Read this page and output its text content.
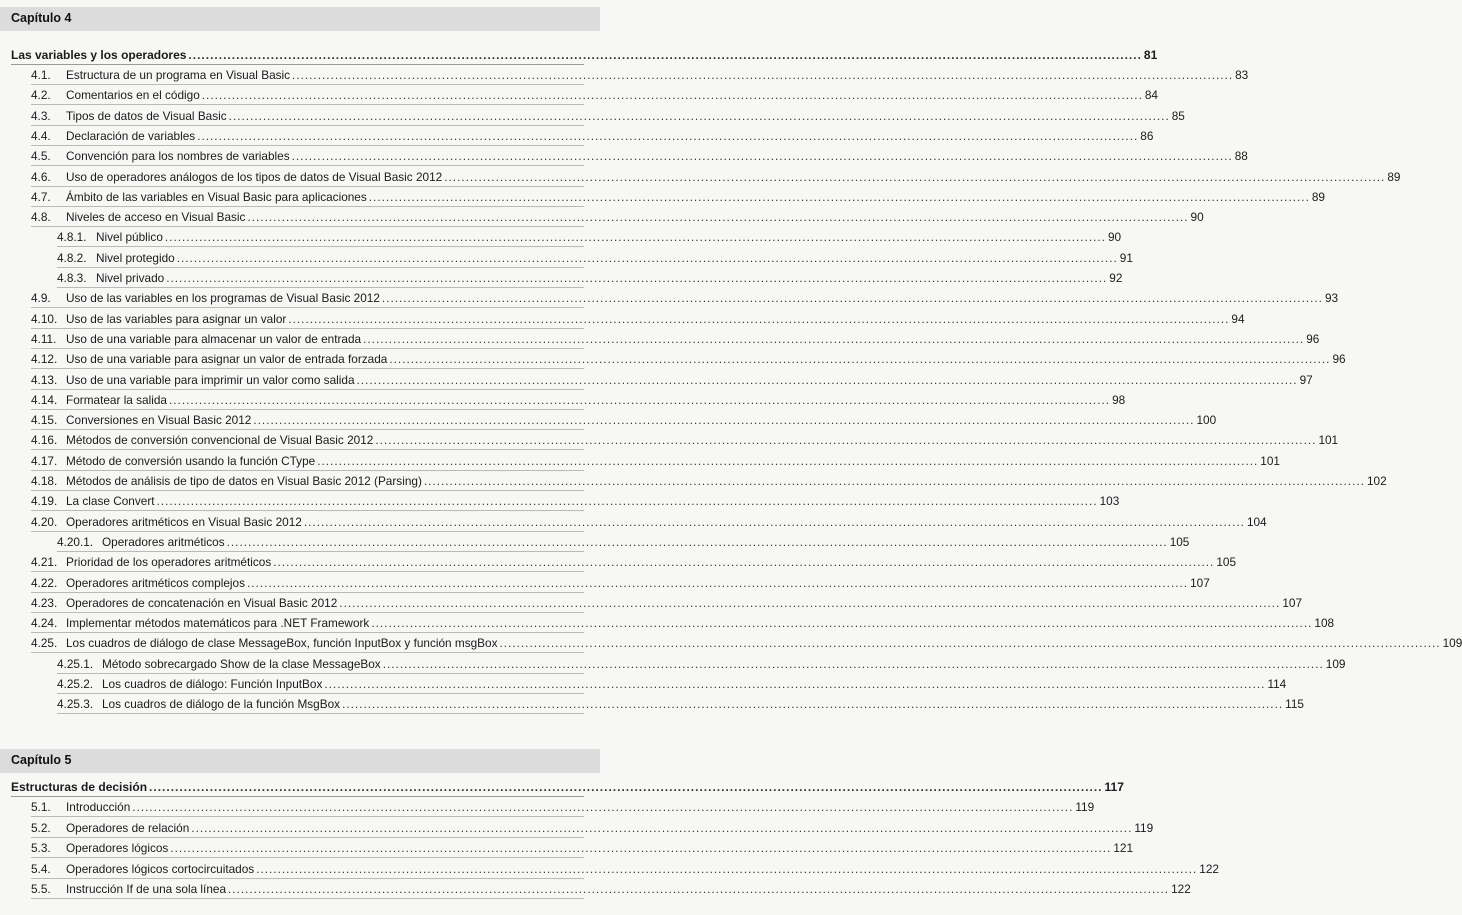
Capítulo 4
Las variables y los operadores ............................................................................................................................................................................................................................ 81
4.1.	Estructura de un programa en Visual Basic ............................................................................................................................................................................................................................ 83
4.2.	Comentarios en el código ............................................................................................................................................................................................................................ 84
4.3.	Tipos de datos de Visual Basic ............................................................................................................................................................................................................................ 85
4.4.	Declaración de variables ............................................................................................................................................................................................................................ 86
4.5.	Convención para los nombres de variables ............................................................................................................................................................................................................................ 88
4.6.	Uso de operadores análogos de los tipos de datos de Visual Basic 2012 ............................................................................................................................................................................................................................ 89
4.7.	Ámbito de las variables en Visual Basic para aplicaciones ............................................................................................................................................................................................................................ 89
4.8.	Niveles de acceso en Visual Basic ............................................................................................................................................................................................................................ 90
4.8.1. Nivel público ............................................................................................................................................................................................................................ 90
4.8.2. Nivel protegido ............................................................................................................................................................................................................................ 91
4.8.3. Nivel privado ............................................................................................................................................................................................................................ 92
4.9.	Uso de las variables en los programas de Visual Basic 2012 ............................................................................................................................................................................................................................ 93
4.10. Uso de las variables para asignar un valor ............................................................................................................................................................................................................................ 94
4.11. Uso de una variable para almacenar un valor de entrada ............................................................................................................................................................................................................................ 96
4.12. Uso de una variable para asignar un valor de entrada forzada ............................................................................................................................................................................................................................ 96
4.13. Uso de una variable para imprimir un valor como salida ............................................................................................................................................................................................................................ 97
4.14. Formatear la salida ............................................................................................................................................................................................................................ 98
4.15. Conversiones en Visual Basic 2012 ............................................................................................................................................................................................................................ 100
4.16. Métodos de conversión convencional de Visual Basic 2012 ............................................................................................................................................................................................................................ 101
4.17. Método de conversión usando la función CType ............................................................................................................................................................................................................................ 101
4.18. Métodos de análisis de tipo de datos en Visual Basic 2012 (Parsing) ............................................................................................................................................................................................................................ 102
4.19. La clase Convert ............................................................................................................................................................................................................................ 103
4.20. Operadores aritméticos en Visual Basic 2012 ............................................................................................................................................................................................................................ 104
4.20.1. Operadores aritméticos ............................................................................................................................................................................................................................ 105
4.21. Prioridad de los operadores aritméticos ............................................................................................................................................................................................................................ 105
4.22. Operadores aritméticos complejos ............................................................................................................................................................................................................................ 107
4.23. Operadores de concatenación en Visual Basic 2012 ............................................................................................................................................................................................................................ 107
4.24. Implementar métodos matemáticos para .NET Framework ............................................................................................................................................................................................................................ 108
4.25. Los cuadros de diálogo de clase MessageBox, función InputBox y función msgBox ............................................................................................................................................................................................................................ 109
4.25.1. Método sobrecargado Show de la clase MessageBox ............................................................................................................................................................................................................................ 109
4.25.2. Los cuadros de diálogo: Función InputBox ............................................................................................................................................................................................................................ 114
4.25.3. Los cuadros de diálogo de la función MsgBox ............................................................................................................................................................................................................................ 115
Capítulo 5
Estructuras de decisión ............................................................................................................................................................................................................................ 117
5.1.	Introducción ............................................................................................................................................................................................................................ 119
5.2.	Operadores de relación ............................................................................................................................................................................................................................ 119
5.3.	Operadores lógicos ............................................................................................................................................................................................................................ 121
5.4.	Operadores lógicos cortocircuitados ............................................................................................................................................................................................................................ 122
5.5.	Instrucción If de una sola línea ............................................................................................................................................................................................................................ 122
